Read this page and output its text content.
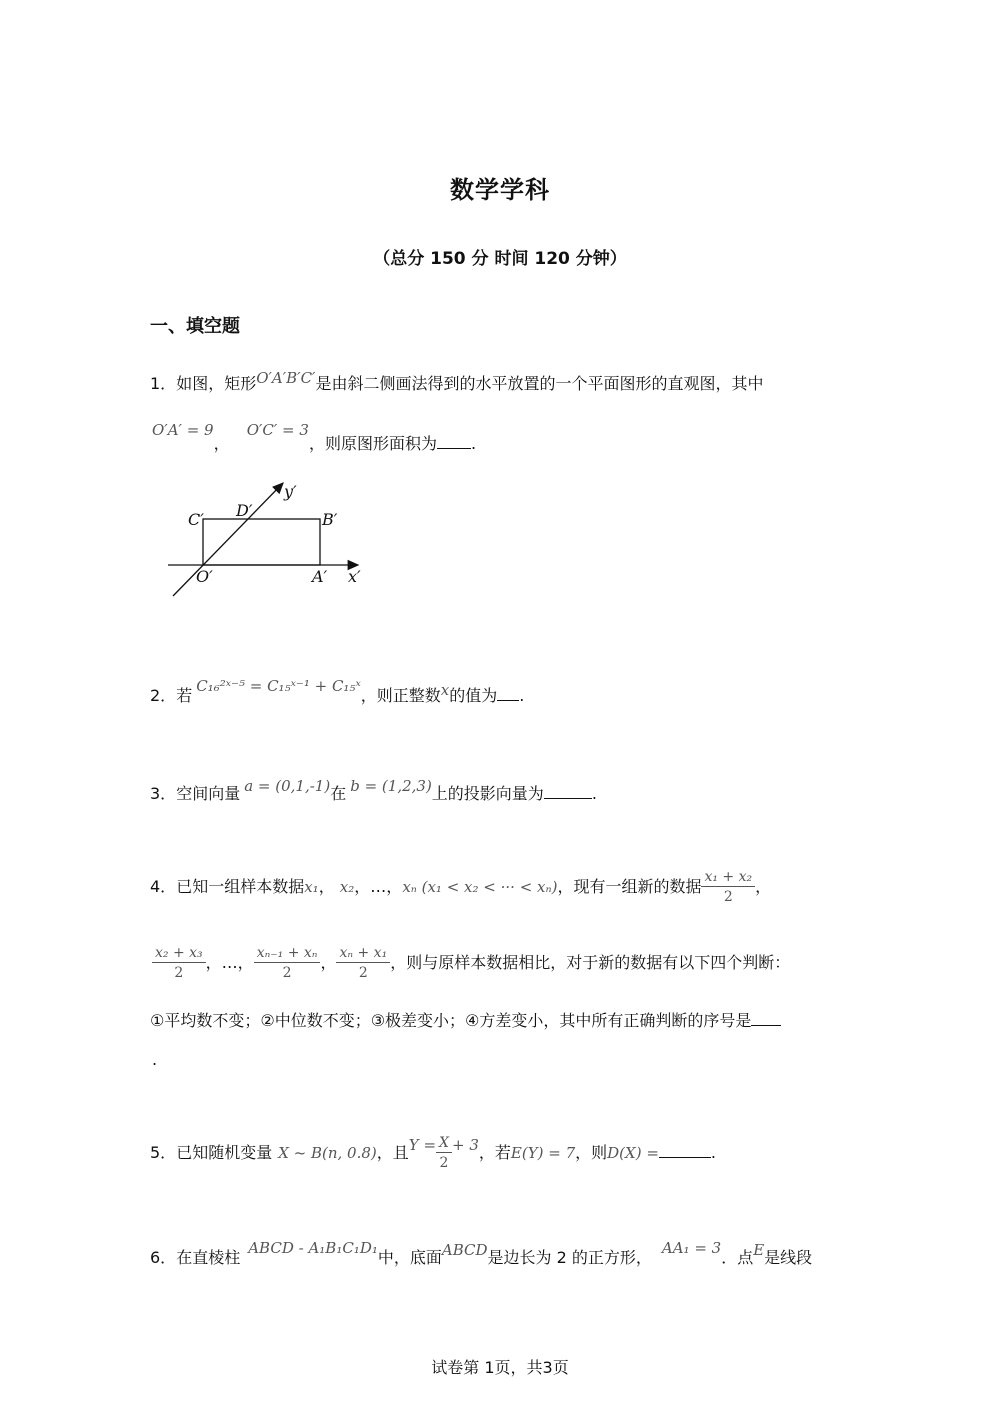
数学学科
（总分 150 分 时间 120 分钟）
一、填空题
1．如图，矩形O′A′B′C′是由斜二侧画法得到的水平放置的一个平面图形的直观图，其中
O′A′ = 9， O′C′ = 3，则原图形面积为 .
C′ D′	B′
O′	A′ x′
y′
2．若 C₁₆²ˣ⁻⁵ = C₁₅ˣ⁻¹ + C₁₅ˣ，则正整数x的值为 .
3．空间向量 a = (0,1,-1)在 b = (1,2,3)上的投影向量为	.
4．已知一组样本数据x₁， x₂，…，xₙ (x₁ < x₂ < ··· < xₙ)，现有一组新的数据 $\frac{\text{x₁ + x₂}}{2}$ ，
$\frac{\text{x₂ + x₃}}{2}$ ，…， $\frac{\text{xₙ₋₁ + xₙ}}{2}$ ， $\frac{\text{xₙ + x₁}}{2}$ ，则与原样本数据相比，对于新的数据有以下四个判断：
①平均数不变；②中位数不变；③极差变小；④方差变小，其中所有正确判断的序号是
.
5．已知随机变量 X ~ B(n, 0.8)，且$Y = \frac{X}{2} + 3$，若E(Y) = 7，则D(X) =	.
6．在直棱柱 ABCD - A₁B₁C₁D₁中，底面ABCD是边长为 2 的正方形， AA₁ = 3．点E是线段
试卷第 1页，共3页
